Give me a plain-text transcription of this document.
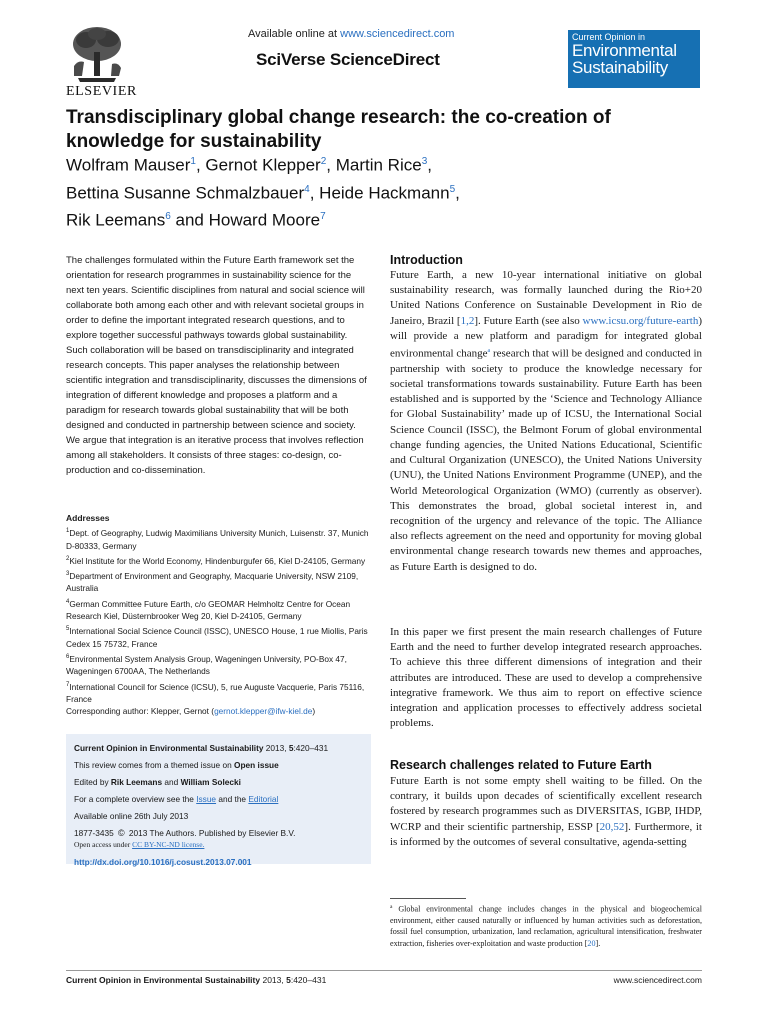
ELSEVIER
Available online at www.sciencedirect.com
SciVerse ScienceDirect
Current Opinion in
Environmental
Sustainability
Transdisciplinary global change research: the co-creation of knowledge for sustainability
Wolfram Mauser$^1$, Gernot Klepper$^2$, Martin Rice$^3$,
Bettina Susanne Schmalzbauer$^4$, Heide Hackmann$^5$,
Rik Leemans$^6$ and Howard Moore$^7$
The challenges formulated within the Future Earth framework set the orientation for research programmes in sustainability science for the next ten years. Scientific disciplines from natural and social science will collaborate both among each other and with relevant societal groups in order to define the important integrated research questions, and to explore together successful pathways towards global sustainability. Such collaboration will be based on transdisciplinarity and integrated research concepts. This paper analyses the relationship between scientific integration and transdisciplinarity, discusses the dimensions of integration of different knowledge and proposes a platform and a paradigm for research towards global sustainability that will be both designed and conducted in partnership between science and society. We argue that integration is an iterative process that involves reflection among all stakeholders. It consists of three stages: co-design, co-production and co-dissemination.
Addresses
$^1$Dept. of Geography, Ludwig Maximilians University Munich, Luisenstr. 37, Munich D-80333, Germany
$^2$Kiel Institute for the World Economy, Hindenburgufer 66, Kiel D-24105, Germany
$^3$Department of Environment and Geography, Macquarie University, NSW 2109, Australia
$^4$German Committee Future Earth, c/o GEOMAR Helmholtz Centre for Ocean Research Kiel, Düsternbrooker Weg 20, Kiel D-24105, Germany
$^5$International Social Science Council (ISSC), UNESCO House, 1 rue Miollis, Paris Cedex 15 75732, France
$^6$Environmental System Analysis Group, Wageningen University, PO-Box 47, Wageningen 6700AA, The Netherlands
$^7$International Council for Science (ICSU), 5, rue Auguste Vacquerie, Paris 75116, France
Corresponding author: Klepper, Gernot (gernot.klepper@ifw-kiel.de)
Current Opinion in Environmental Sustainability 2013, 5:420–431
This review comes from a themed issue on Open issue
Edited by Rik Leemans and William Solecki
For a complete overview see the Issue and the Editorial
Available online 26th July 2013
1877-3435 © 2013 The Authors. Published by Elsevier B.V.
Open access under CC BY-NC-ND license.
http://dx.doi.org/10.1016/j.cosust.2013.07.001
Introduction
Future Earth, a new 10-year international initiative on global sustainability research, was formally launched during the Rio+20 United Nations Conference on Sustainable Development in Rio de Janeiro, Brazil [1,2]. Future Earth (see also www.icsu.org/future-earth) will provide a new platform and paradigm for integrated global environmental change$^a$ research that will be designed and conducted in partnership with society to produce the knowledge necessary for societal transformations towards sustainability. Future Earth has been established and is supported by the ‘Science and Technology Alliance for Global Sustainability’ made up of ICSU, the International Social Science Council (ISSC), the Belmont Forum of global environmental change funding agencies, the United Nations Educational, Scientific and Cultural Organization (UNESCO), the United Nations University (UNU), the United Nations Environment Programme (UNEP), and the World Meteorological Organization (WMO) (currently as observer). This demonstrates the broad, global societal interest in, and recognition of the urgency and relevance of the topic. The Alliance also reflects agreement on the need and opportunity for moving global environmental change research towards new themes and approaches, as Future Earth is designed to do.
In this paper we first present the main research challenges of Future Earth and the need to further develop integrated research approaches. To achieve this three different dimensions of integration and their attributes are introduced. These are used to develop a comprehensive integrative framework. We thus aim to report on effective science integration and application processes to effectively address societal problems.
Research challenges related to Future Earth
Future Earth is not some empty shell waiting to be filled. On the contrary, it builds upon decades of scientifically excellent research fostered by research programmes such as DIVERSITAS, IGBP, IHDP, WCRP and their scientific partnership, ESSP [20,52]. Furthermore, it is informed by the outcomes of several consultative, agenda-setting
$^a$ Global environmental change includes changes in the physical and biogeochemical environment, either caused naturally or influenced by human activities such as deforestation, fossil fuel consumption, urbanization, land reclamation, agricultural intensification, freshwater extraction, fisheries over-exploitation and waste production [20].
Current Opinion in Environmental Sustainability 2013, 5:420–431	www.sciencedirect.com
